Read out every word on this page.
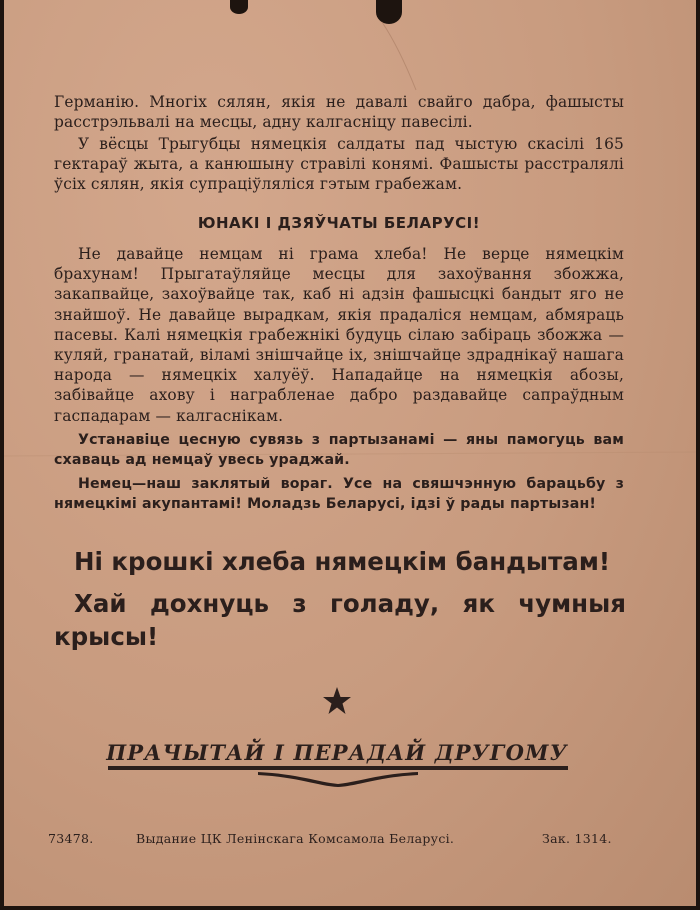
Германію. Многіх сялян, якія не давалі свайго дабра, фашысты расстрэльвалі на месцы, адну калгасніцу павесілі.
У вёсцы Трыгубцы нямецкія салдаты пад чыстую скасілі 165 гектараў жыта, а канюшыну стравілі конямі. Фашысты расстралялі ўсіх сялян, якія супраціўляліся гэтым грабежам.
ЮНАКІ І ДЗЯЎЧАТЫ БЕЛАРУСІ!
Не давайце немцам ні грама хлеба! Не верце нямецкім брахунам! Прыгатаўляйце месцы для захоўвання збожжа, закапвайце, захоўвайце так, каб ні адзін фашысцкі бандыт яго не знайшоў. Не давайце вырадкам, якія прадаліся немцам, абмяраць пасевы. Калі нямецкія грабежнікі будуць сілаю забіраць збожжа — куляй, гранатай, віламі знішчайце іх, знішчайце здраднікаў нашага народа — нямецкіх халуёў. Нападайце на нямецкія абозы, забівайце ахову і награбленае дабро раздавайце сапраўдным гаспадарам — калгаснікам.
Устанавіце цесную сувязь з партызанамі — яны памогуць вам схаваць ад немцаў увесь ураджай.
Немец—наш заклятый вораг. Усе на свяшчэнную барацьбу з нямецкімі акупантамі! Моладзь Беларусі, ідзі ў рады партызан!
Ні крошкі хлеба нямецкім бандытам!
Хай дохнуць з голаду, як чумныя крысы!
ПРАЧЫТАЙ І ПЕРАДАЙ ДРУГОМУ
73478.	Выдание ЦК Ленінскага Комсамола Беларусі.	Зак. 1314.
